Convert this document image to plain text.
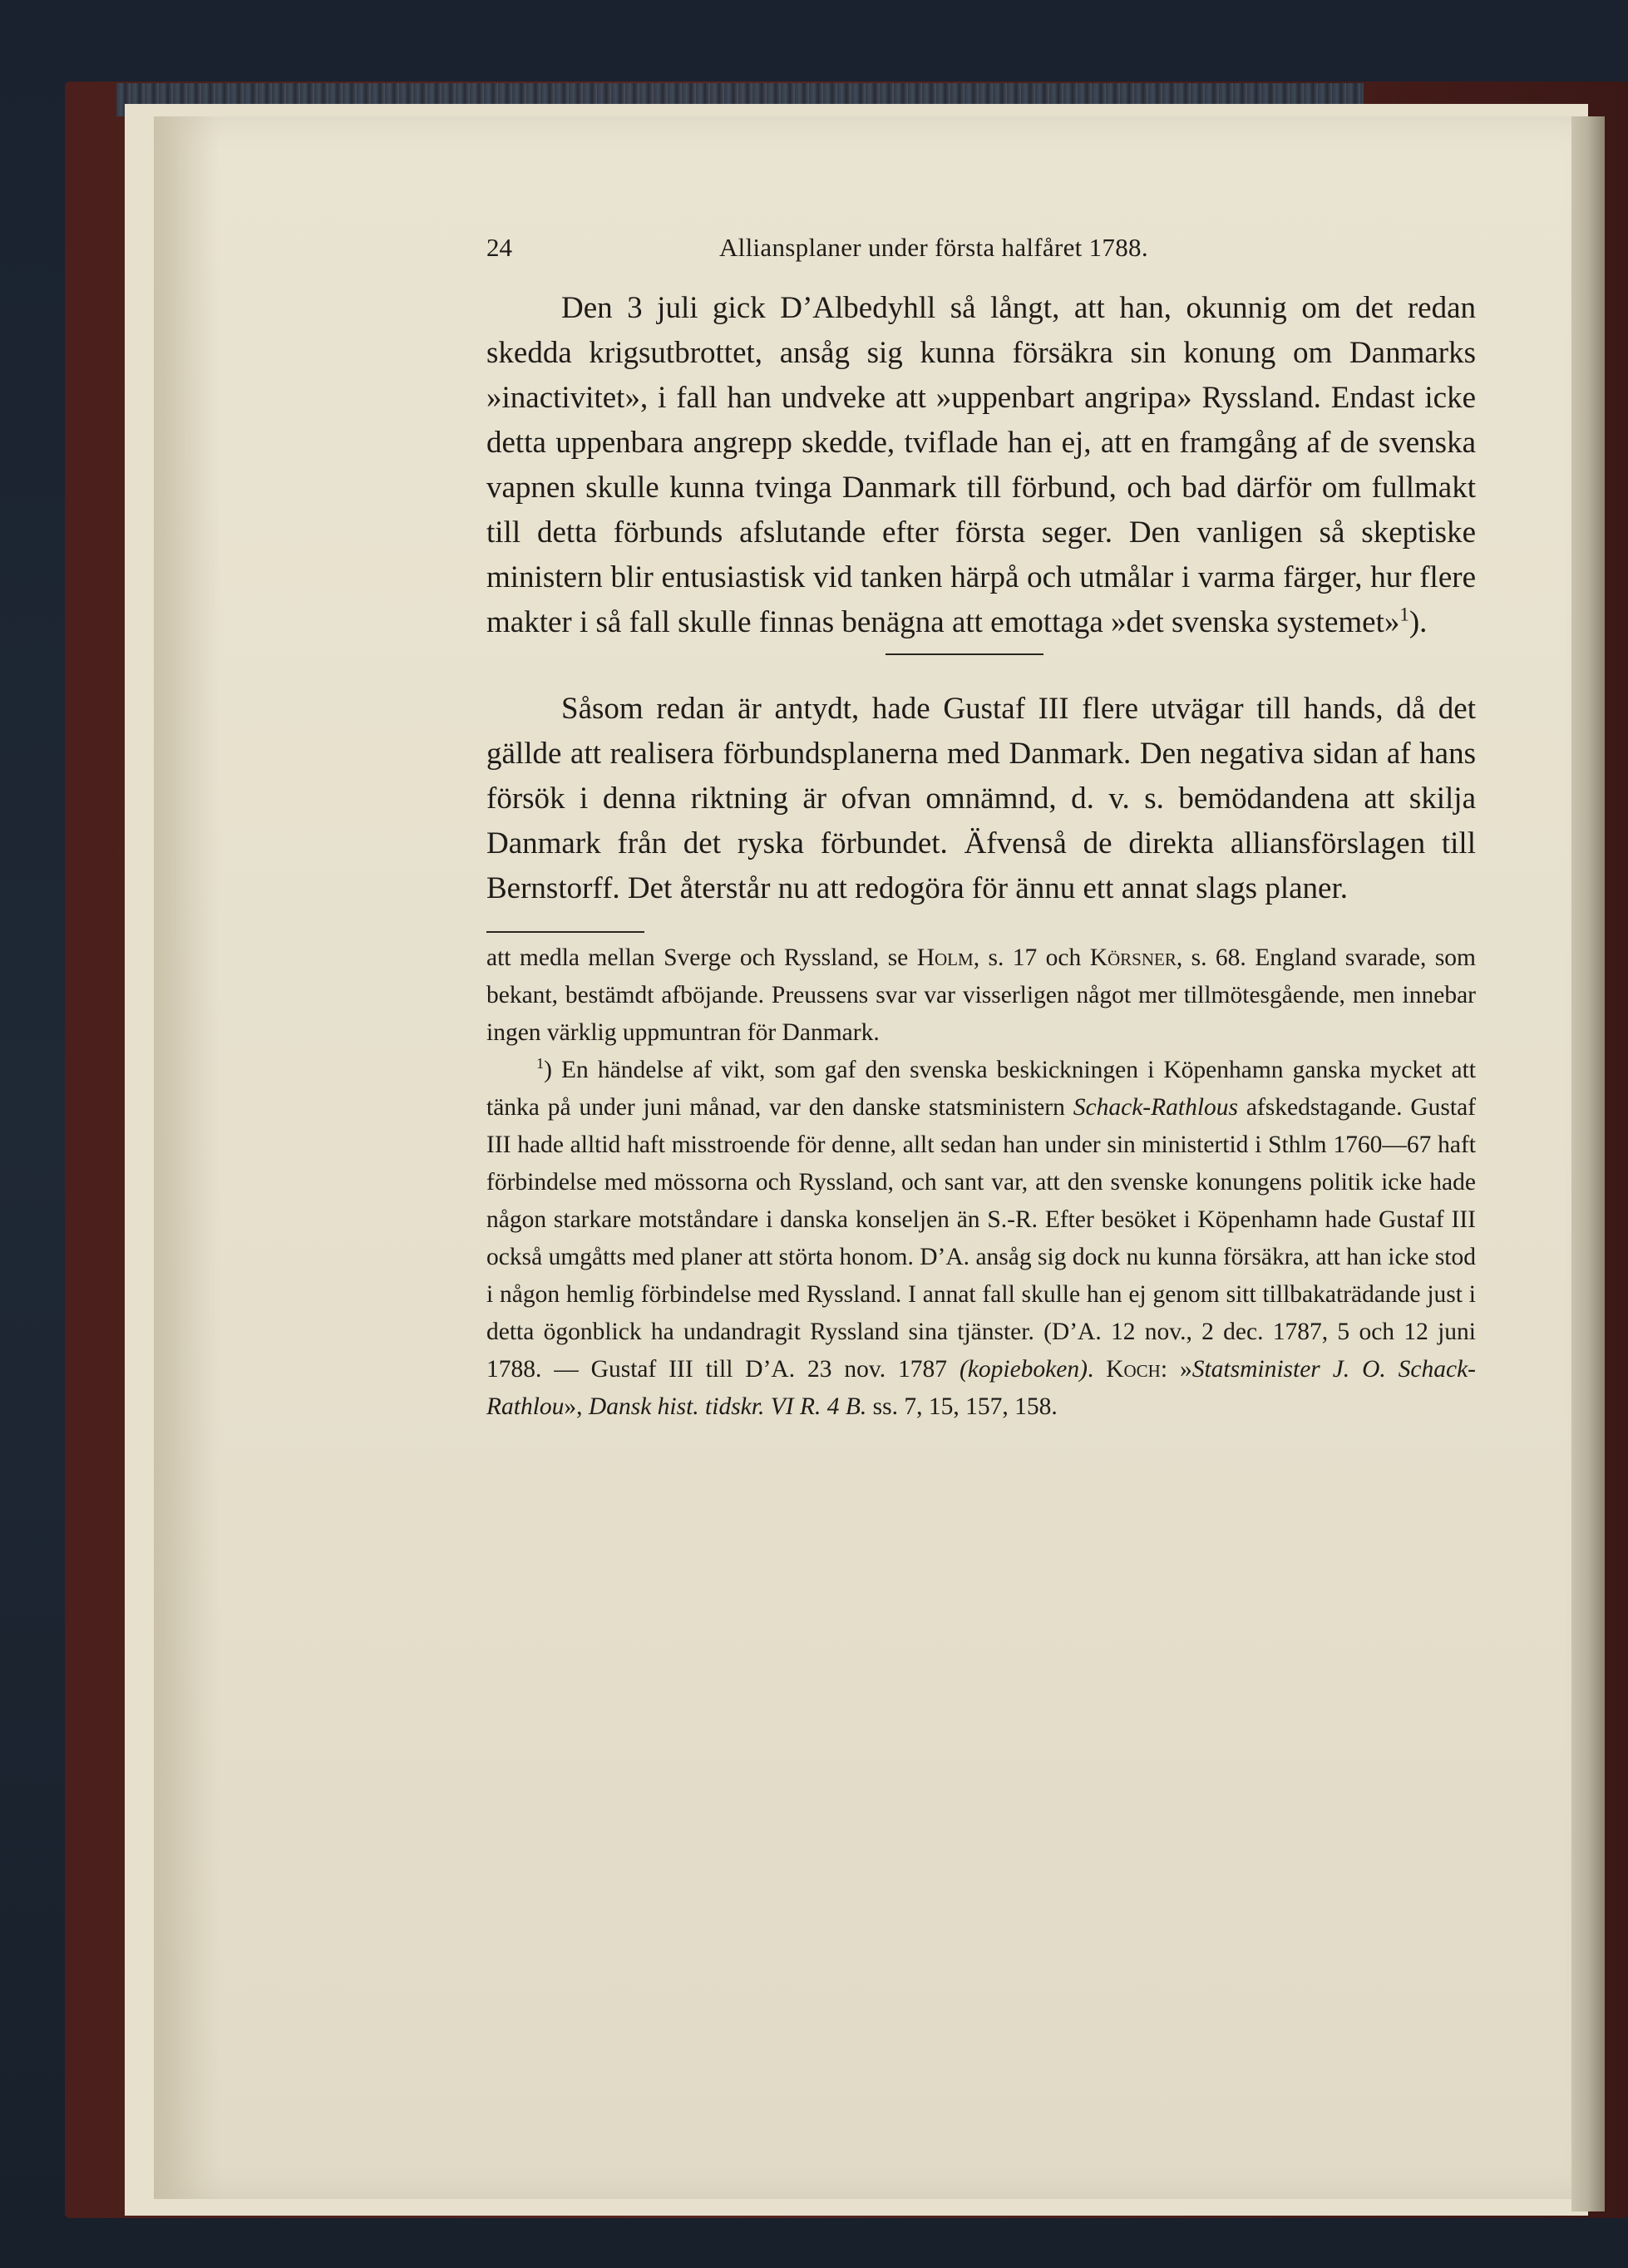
24	Alliansplaner under första halfåret 1788.

Den 3 juli gick D’Albedyhll så långt, att han, okunnig om det redan skedda krigsutbrottet, ansåg sig kunna försäkra sin konung om Danmarks »inactivitet», i fall han undveke att »uppenbart angripa» Ryssland. Endast icke detta uppenbara angrepp skedde, tviflade han ej, att en framgång af de svenska vapnen skulle kunna tvinga Danmark till förbund, och bad därför om fullmakt till detta förbunds afslutande efter första seger. Den vanligen så skeptiske ministern blir entusiastisk vid tanken härpå och utmålar i varma färger, hur flere makter i så fall skulle finnas benägna att emottaga »det svenska systemet»$^1$).

Såsom redan är antydt, hade Gustaf III flere utvägar till hands, då det gällde att realisera förbundsplanerna med Danmark. Den negativa sidan af hans försök i denna riktning är ofvan omnämnd, d. v. s. bemödandena att skilja Danmark från det ryska förbundet. Äfvenså de direkta alliansförslagen till Bernstorff. Det återstår nu att redogöra för ännu ett annat slags planer.

att medla mellan Sverge och Ryssland, se Holm, s. 17 och Körsner, s. 68. England svarade, som bekant, bestämdt afböjande. Preussens svar var visserligen något mer tillmötesgående, men innebar ingen värklig uppmuntran för Danmark.

$^1$) En händelse af vikt, som gaf den svenska beskickningen i Köpenhamn ganska mycket att tänka på under juni månad, var den danske statsministern Schack-Rathlous afskedstagande. Gustaf III hade alltid haft misstroende för denne, allt sedan han under sin ministertid i Sthlm 1760—67 haft förbindelse med mössorna och Ryssland, och sant var, att den svenske konungens politik icke hade någon starkare motståndare i danska konseljen än S.-R. Efter besöket i Köpenhamn hade Gustaf III också umgåtts med planer att störta honom. D’A. ansåg sig dock nu kunna försäkra, att han icke stod i någon hemlig förbindelse med Ryssland. I annat fall skulle han ej genom sitt tillbakaträdande just i detta ögonblick ha undandragit Ryssland sina tjänster. (D’A. 12 nov., 2 dec. 1787, 5 och 12 juni 1788. — Gustaf III till D’A. 23 nov. 1787 (kopieboken). Koch: »Statsminister J. O. Schack-Rathlou», Dansk hist. tidskr. VI R. 4 B. ss. 7, 15, 157, 158.
